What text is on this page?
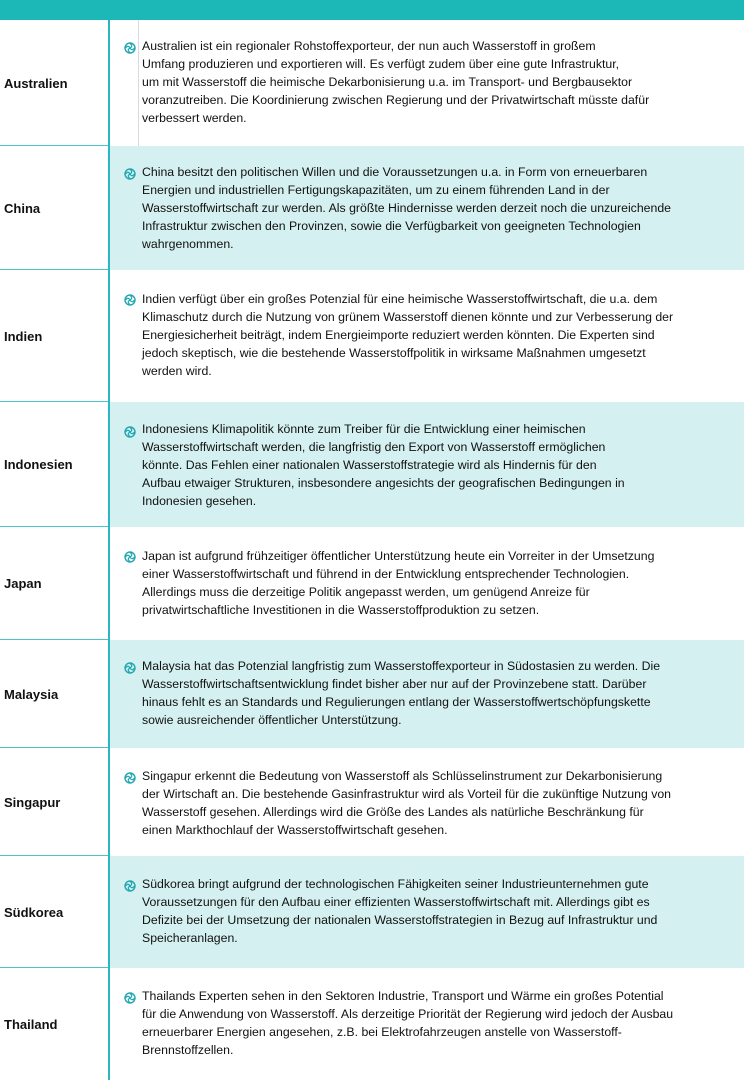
Australien
Australien ist ein regionaler Rohstoffexporteur, der nun auch Wasserstoff in großem
Umfang produzieren und exportieren will. Es verfügt zudem über eine gute Infrastruktur,
um mit Wasserstoff die heimische Dekarbonisierung u.a. im Transport- und Bergbausektor
voranzutreiben. Die Koordinierung zwischen Regierung und der Privatwirtschaft müsste dafür
verbessert werden.
China
China besitzt den politischen Willen und die Voraussetzungen u.a. in Form von erneuerbaren
Energien und industriellen Fertigungskapazitäten, um zu einem führenden Land in der
Wasserstoffwirtschaft zur werden. Als größte Hindernisse werden derzeit noch die unzureichende
Infrastruktur zwischen den Provinzen, sowie die Verfügbarkeit von geeigneten Technologien
wahrgenommen.
Indien
Indien verfügt über ein großes Potenzial für eine heimische Wasserstoffwirtschaft, die u.a. dem
Klimaschutz durch die Nutzung von grünem Wasserstoff dienen könnte und zur Verbesserung der
Energiesicherheit beiträgt, indem Energieimporte reduziert werden könnten. Die Experten sind
jedoch skeptisch, wie die bestehende Wasserstoffpolitik in wirksame Maßnahmen umgesetzt
werden wird.
Indonesien
Indonesiens Klimapolitik könnte zum Treiber für die Entwicklung einer heimischen
Wasserstoffwirtschaft werden, die langfristig den Export von Wasserstoff ermöglichen
könnte. Das Fehlen einer nationalen Wasserstoffstrategie wird als Hindernis für den
Aufbau etwaiger Strukturen, insbesondere angesichts der geografischen Bedingungen in
Indonesien gesehen.
Japan
Japan ist aufgrund frühzeitiger öffentlicher Unterstützung heute ein Vorreiter in der Umsetzung
einer Wasserstoffwirtschaft und führend in der Entwicklung entsprechender Technologien.
Allerdings muss die derzeitige Politik angepasst werden, um genügend Anreize für
privatwirtschaftliche Investitionen in die Wasserstoffproduktion zu setzen.
Malaysia
Malaysia hat das Potenzial langfristig zum Wasserstoffexporteur in Südostasien zu werden. Die
Wasserstoffwirtschaftsentwicklung findet bisher aber nur auf der Provinzebene statt. Darüber
hinaus fehlt es an Standards und Regulierungen entlang der Wasserstoffwertschöpfungskette
sowie ausreichender öffentlicher Unterstützung.
Singapur
Singapur erkennt die Bedeutung von Wasserstoff als Schlüsselinstrument zur Dekarbonisierung
der Wirtschaft an. Die bestehende Gasinfrastruktur wird als Vorteil für die zukünftige Nutzung von
Wasserstoff gesehen. Allerdings wird die Größe des Landes als natürliche Beschränkung für
einen Markthochlauf der Wasserstoffwirtschaft gesehen.
Südkorea
Südkorea bringt aufgrund der technologischen Fähigkeiten seiner Industrieunternehmen gute
Voraussetzungen für den Aufbau einer effizienten Wasserstoffwirtschaft mit. Allerdings gibt es
Defizite bei der Umsetzung der nationalen Wasserstoffstrategien in Bezug auf Infrastruktur und
Speicheranlagen.
Thailand
Thailands Experten sehen in den Sektoren Industrie, Transport und Wärme ein großes Potential
für die Anwendung von Wasserstoff. Als derzeitige Priorität der Regierung wird jedoch der Ausbau
erneuerbarer Energien angesehen, z.B. bei Elektrofahrzeugen anstelle von Wasserstoff-
Brennstoffzellen.
